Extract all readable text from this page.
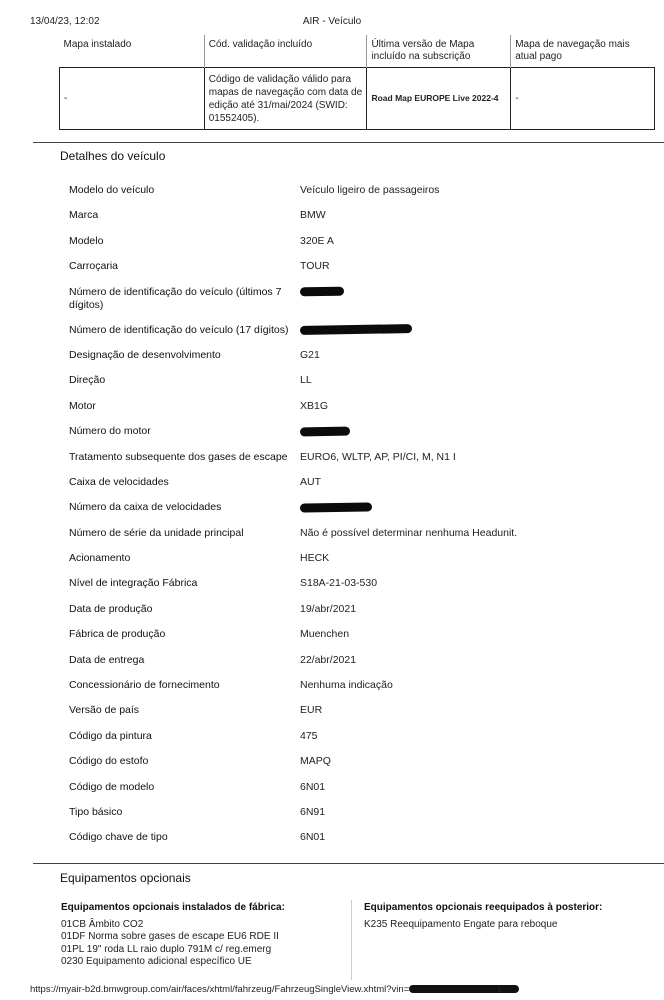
13/04/23, 12:02	AIR - Veículo
Mapa instalado	Cód. validação incluído	Última versão de Mapa incluído na subscrição	Mapa de navegação mais atual pago
-	Código de validação válido para mapas de navegação com data de edição até 31/mai/2024 (SWID: 01552405).	Road Map EUROPE Live 2022-4	-
Detalhes do veículo
Modelo do veículo	Veículo ligeiro de passageiros
Marca	BMW
Modelo	320E A
Carroçaria	TOUR
Número de identificação do veículo (últimos 7 dígitos)
Número de identificação do veículo (17 dígitos)
Designação de desenvolvimento	G21
Direção	LL
Motor	XB1G
Número do motor
Tratamento subsequente dos gases de escape	EURO6, WLTP, AP, PI/CI, M, N1 I
Caixa de velocidades	AUT
Número da caixa de velocidades
Número de série da unidade principal	Não é possível determinar nenhuma Headunit.
Acionamento	HECK
Nível de integração Fábrica	S18A-21-03-530
Data de produção	19/abr/2021
Fábrica de produção	Muenchen
Data de entrega	22/abr/2021
Concessionário de fornecimento	Nenhuma indicação
Versão de país	EUR
Código da pintura	475
Código do estofo	MAPQ
Código de modelo	6N01
Tipo básico	6N91
Código chave de tipo	6N01
Equipamentos opcionais
Equipamentos opcionais instalados de fábrica:
01CB Âmbito CO2
01DF Norma sobre gases de escape EU6 RDE II
01PL 19" roda LL raio duplo 791M c/ reg.emerg
0230 Equipamento adicional específico UE
Equipamentos opcionais reequipados à posterior:
K235 Reequipamento Engate para reboque
https://myair-b2d.bmwgroup.com/air/faces/xhtml/fahrzeug/FahrzeugSingleView.xhtml?vin=	1
